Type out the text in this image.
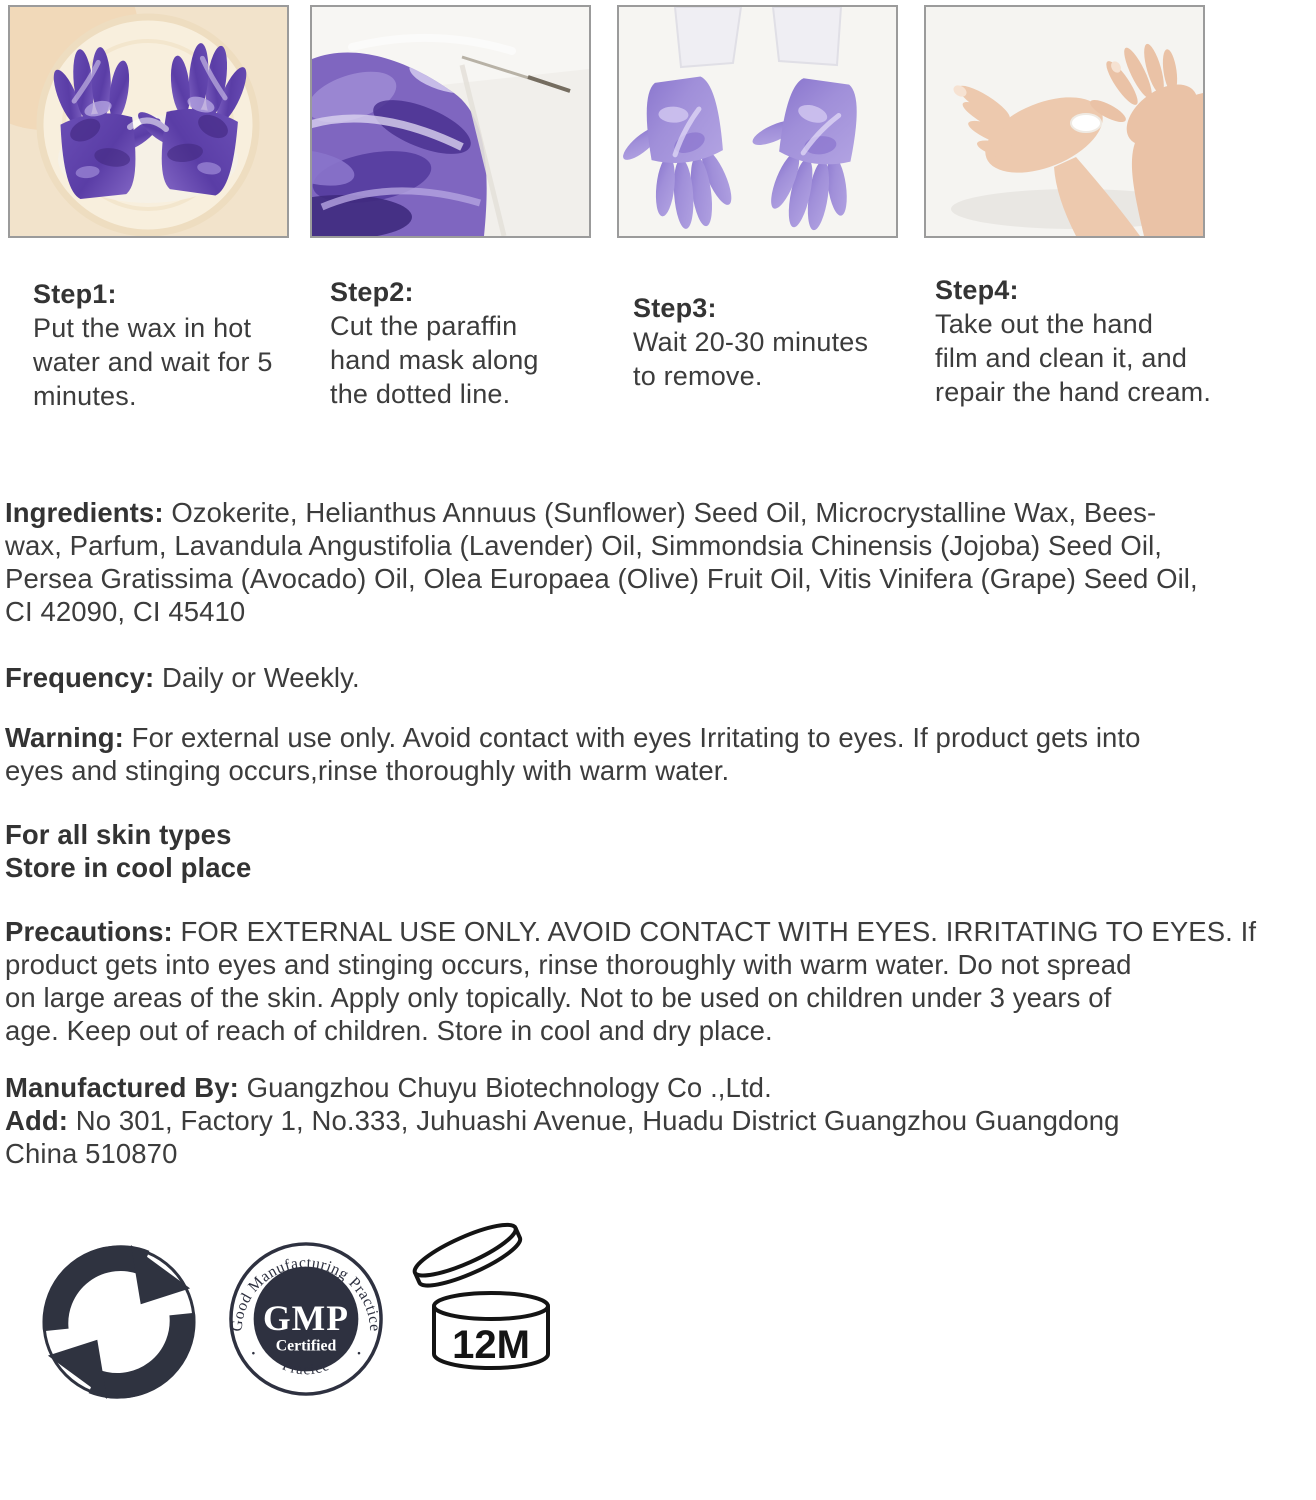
Step1:
Put the wax in hot
water and wait for 5
minutes.
Step2:
Cut the paraffin
hand mask along
the dotted line.
Step3:
Wait 20-30 minutes
to remove.
Step4:
Take out the hand
film and clean it, and
repair the hand cream.

Ingredients: Ozokerite, Helianthus Annuus (Sunflower) Seed Oil, Microcrystalline Wax, Bees-
wax, Parfum, Lavandula Angustifolia (Lavender) Oil, Simmondsia Chinensis (Jojoba) Seed Oil,
Persea Gratissima (Avocado) Oil, Olea Europaea (Olive) Fruit Oil, Vitis Vinifera (Grape) Seed Oil,
CI 42090, CI 45410

Frequency: Daily or Weekly.

Warning: For external use only. Avoid contact with eyes Irritating to eyes. If product gets into
eyes and stinging occurs,rinse thoroughly with warm water.

For all skin types
Store in cool place

Precautions: FOR EXTERNAL USE ONLY. AVOID CONTACT WITH EYES. IRRITATING TO EYES. If
product gets into eyes and stinging occurs, rinse thoroughly with warm water. Do not spread
on large areas of the skin. Apply only topically. Not to be used on children under 3 years of
age. Keep out of reach of children. Store in cool and dry place.

Manufactured By: Guangzhou Chuyu Biotechnology Co .,Ltd.
Add: No 301, Factory 1, No.333, Juhuashi Avenue, Huadu District Guangzhou Guangdong
China 510870

Good Manufacturing Practice
Pracice
·	·
GMP
Certified	12M
